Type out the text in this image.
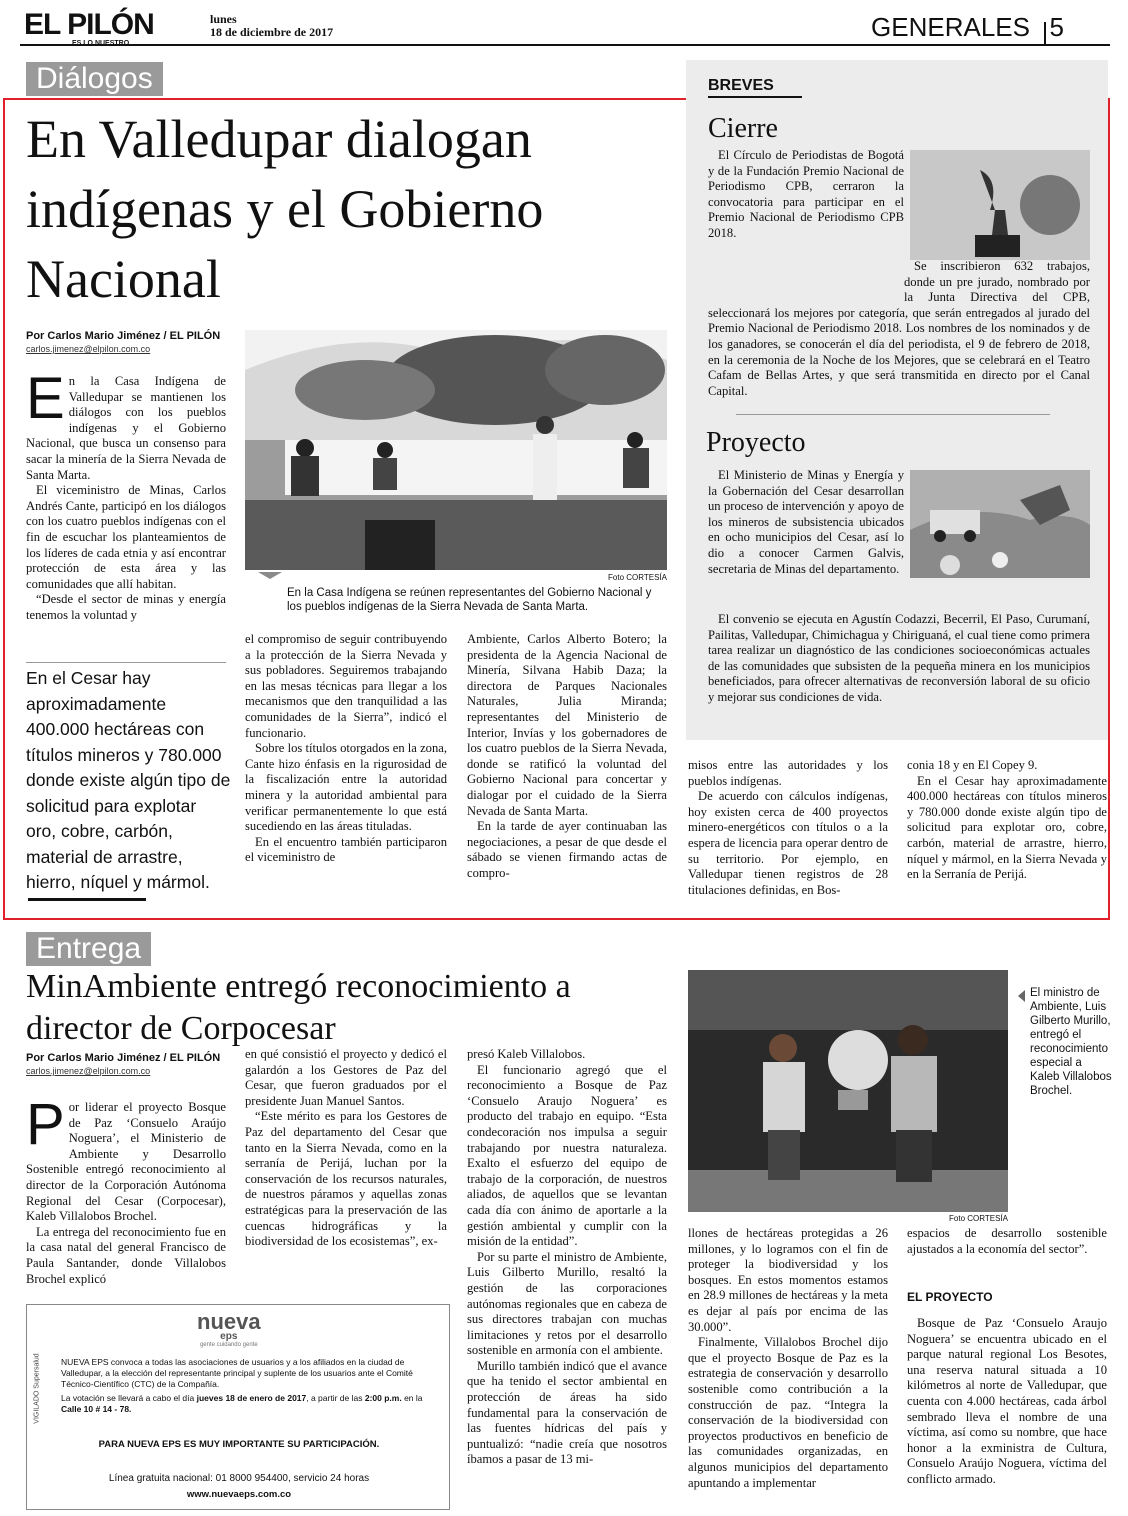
EL PILÓN
ES LO NUESTRO
lunes
18 de diciembre de 2017	GENERALES 5
Diálogos
En Valledupar dialogan indígenas y el Gobierno Nacional
Por Carlos Mario Jiménez / EL PILÓN
carlos.jimenez@elpilon.com.co
E n la Casa Indígena de Valledupar se mantienen los diálogos con los pueblos indígenas y el Gobierno Nacional, que busca un consenso para sacar la minería de la Sierra Nevada de Santa Marta.

El viceministro de Minas, Carlos Andrés Cante, participó en los diálogos con los cuatro pueblos indígenas con el fin de escuchar los planteamientos de los líderes de cada etnia y así encontrar protección de esta área y las comunidades que allí habitan.

“Desde el sector de minas y energía tenemos la voluntad y

En el Cesar hay aproximadamente 400.000 hectáreas con títulos mineros y 780.000 donde existe algún tipo de solicitud para explotar oro, cobre, carbón, material de arrastre, hierro, níquel y mármol.
Foto CORTESÍA
En la Casa Indígena se reúnen representantes del Gobierno Nacional y los pueblos indígenas de la Sierra Nevada de Santa Marta.

el compromiso de seguir contribuyendo a la protección de la Sierra Nevada y sus pobladores. Seguiremos trabajando en las mesas técnicas para llegar a los mecanismos que den tranquilidad a las comunidades de la Sierra”, indicó el funcionario.

Sobre los títulos otorgados en la zona, Cante hizo énfasis en la rigurosidad de la fiscalización entre la autoridad minera y la autoridad ambiental para verificar permanentemente lo que está sucediendo en las áreas tituladas.

En el encuentro también participaron el viceministro de

Ambiente, Carlos Alberto Botero; la presidenta de la Agencia Nacional de Minería, Silvana Habib Daza; la directora de Parques Nacionales Naturales, Julia Miranda; representantes del Ministerio de Interior, Invías y los gobernadores de los cuatro pueblos de la Sierra Nevada, donde se ratificó la voluntad del Gobierno Nacional para concertar y dialogar por el cuidado de la Sierra Nevada de Santa Marta.

En la tarde de ayer continuaban las negociaciones, a pesar de que desde el sábado se vienen firmando actas de compro-

misos entre las autoridades y los pueblos indígenas.

De acuerdo con cálculos indígenas, hoy existen cerca de 400 proyectos minero-energéticos con títulos o a la espera de licencia para operar dentro de su territorio. Por ejemplo, en Valledupar tienen registros de 28 titulaciones definidas, en Bos-

conia 18 y en El Copey 9.

En el Cesar hay aproximadamente 400.000 hectáreas con títulos mineros y 780.000 donde existe algún tipo de solicitud para explotar oro, cobre, carbón, material de arrastre, hierro, níquel y mármol, en la Sierra Nevada y en la Serranía de Perijá.

BREVES
Cierre

El Círculo de Periodistas de Bogotá y de la Fundación Premio Nacional de Periodismo CPB, cerraron la convocatoria para participar en el Premio Nacional de Periodismo CPB 2018.

Se inscribieron 632 trabajos, donde un pre jurado, nombrado por la Junta Directiva del CPB, seleccionará los mejores por categoría, que serán entregados al jurado del Premio Nacional de Periodismo 2018. Los nombres de los nominados y de los ganadores, se conocerán el día del periodista, el 9 de febrero de 2018, en la ceremonia de la Noche de los Mejores, que se celebrará en el Teatro Cafam de Bellas Artes, y que será transmitida en directo por el Canal Capital.

Proyecto

El Ministerio de Minas y Energía y la Gobernación del Cesar desarrollan un proceso de intervención y apoyo de los mineros de subsistencia ubicados en ocho municipios del Cesar, así lo dio a conocer Carmen Galvis, secretaria de Minas del departamento.

El convenio se ejecuta en Agustín Codazzi, Becerril, El Paso, Curumaní, Pailitas, Valledupar, Chimichagua y Chiriguaná, el cual tiene como primera tarea realizar un diagnóstico de las condiciones socioeconómicas actuales de las comunidades que subsisten de la pequeña minera en los municipios beneficiados, para ofrecer alternativas de reconversión laboral de su oficio y mejorar sus condiciones de vida.

Entrega
MinAmbiente entregó reconocimiento a director de Corpocesar
Por Carlos Mario Jiménez / EL PILÓN
carlos.jimenez@elpilon.com.co
P or liderar el proyecto Bosque de Paz ‘Consuelo Araújo Noguera’, el Ministerio de Ambiente y Desarrollo Sostenible entregó reconocimiento al director de la Corporación Autónoma Regional del Cesar (Corpocesar), Kaleb Villalobos Brochel.

La entrega del reconocimiento fue en la casa natal del general Francisco de Paula Santander, donde Villalobos Brochel explicó

en qué consistió el proyecto y dedicó el galardón a los Gestores de Paz del Cesar, que fueron graduados por el presidente Juan Manuel Santos.

“Este mérito es para los Gestores de Paz del departamento del Cesar que tanto en la Sierra Nevada, como en la serranía de Perijá, luchan por la conservación de los recursos naturales, de nuestros páramos y aquellas zonas estratégicas para la preservación de las cuencas hidrográficas y la biodiversidad de los ecosistemas”, ex-

presó Kaleb Villalobos.

El funcionario agregó que el reconocimiento a Bosque de Paz ‘Consuelo Araujo Noguera’ es producto del trabajo en equipo. “Esta condecoración nos impulsa a seguir trabajando por nuestra naturaleza. Exalto el esfuerzo del equipo de trabajo de la corporación, de nuestros aliados, de aquellos que se levantan cada día con ánimo de aportarle a la gestión ambiental y cumplir con la misión de la entidad”.

Por su parte el ministro de Ambiente, Luis Gilberto Murillo, resaltó la gestión de las corporaciones autónomas regionales que en cabeza de sus directores trabajan con muchas limitaciones y retos por el desarrollo sostenible en armonía con el ambiente.

Murillo también indicó que el avance que ha tenido el sector ambiental en protección de áreas ha sido fundamental para la conservación de las fuentes hídricas del país y puntualizó: “nadie creía que nosotros íbamos a pasar de 13 mi-

Foto CORTESÍA
El ministro de Ambiente, Luis Gilberto Murillo, entregó el reconocimiento especial a Kaleb Villalobos Brochel.

llones de hectáreas protegidas a 26 millones, y lo logramos con el fin de proteger la biodiversidad y los bosques. En estos momentos estamos en 28.9 millones de hectáreas y la meta es dejar al país por encima de las 30.000”.

Finalmente, Villalobos Brochel dijo que el proyecto Bosque de Paz es la estrategia de conservación y desarrollo sostenible como contribución a la construcción de paz. “Integra la conservación de la biodiversidad con proyectos productivos en beneficio de las comunidades organizadas, en algunos municipios del departamento apuntando a implementar

espacios de desarrollo sostenible ajustados a la economía del sector”.

EL PROYECTO

Bosque de Paz ‘Consuelo Araujo Noguera’ se encuentra ubicado en el parque natural regional Los Besotes, una reserva natural situada a 10 kilómetros al norte de Valledupar, que cuenta con 4.000 hectáreas, cada árbol sembrado lleva el nombre de una víctima, así como su nombre, que hace honor a la exministra de Cultura, Consuelo Araújo Noguera, víctima del conflicto armado.

nueva
eps
gente cuidando gente
VIGILADO Supersalud NUEVA EPS convoca a todas las asociaciones de usuarios y a los afiliados en la ciudad de Valledupar, a la elección del representante principal y suplente de los usuarios ante el Comité Técnico-Científico (CTC) de la Compañía.
La votación se llevará a cabo el día jueves 18 de enero de 2017, a partir de las 2:00 p.m. en la Calle 10 # 14 - 78.
PARA NUEVA EPS ES MUY IMPORTANTE SU PARTICIPACIÓN.
Línea gratuita nacional: 01 8000 954400, servicio 24 horas
www.nuevaeps.com.co
